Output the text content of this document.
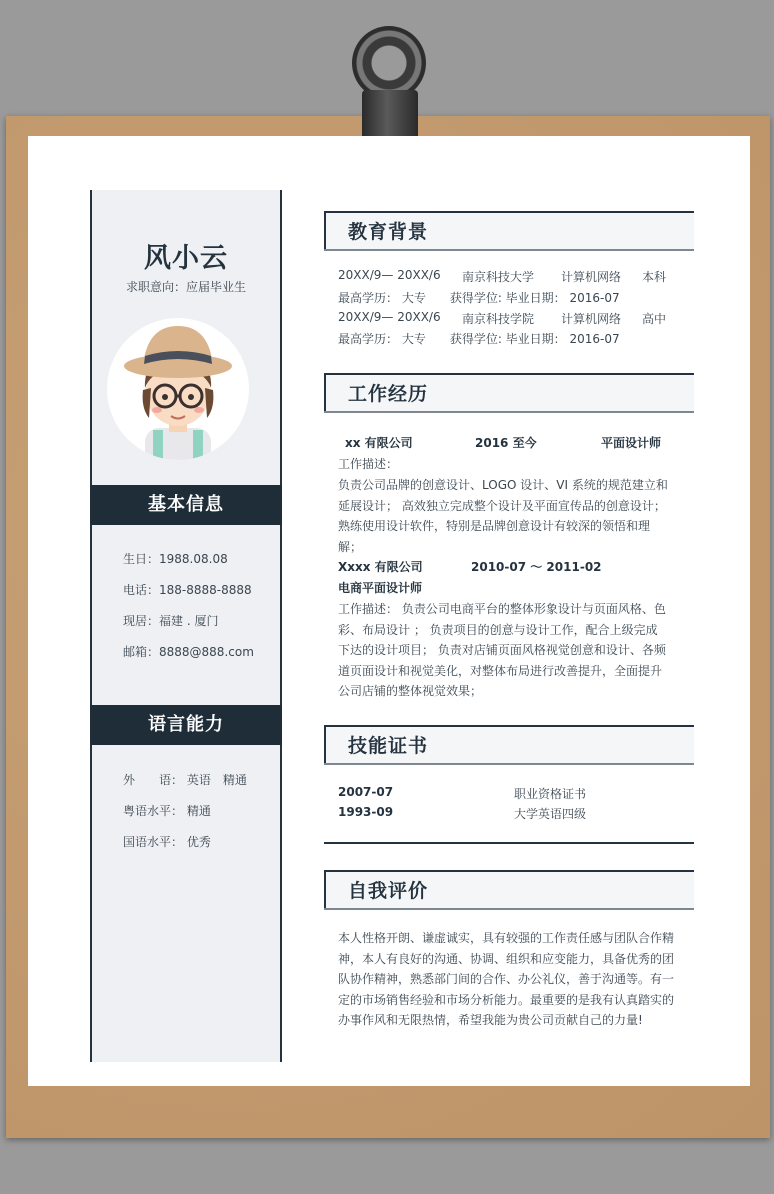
风小云
求职意向：应届毕业生
基本信息
生日：1988.08.08
电话：188-8888-8888
现居：福建 . 厦门
邮箱：8888@888.com
语言能力
外　　语： 英语　精通
粤语水平： 精通
国语水平： 优秀
教育背景
20XX/9— 20XX/6 南京科技大学 计算机网络 本科
最高学历： 大专　　获得学位: 毕业日期： 2016-07
20XX/9— 20XX/6 南京科技学院 计算机网络 高中
最高学历： 大专　　获得学位: 毕业日期： 2016-07
工作经历
xx 有限公司	2016 至今	平面设计师
工作描述：
负责公司品牌的创意设计、LOGO 设计、VI 系统的规范建立和
延展设计； 高效独立完成整个设计及平面宣传品的创意设计；
熟练使用设计软件，特别是品牌创意设计有较深的领悟和理
解；
Xxxx 有限公司	2010-07 ～ 2011-02
电商平面设计师
工作描述： 负责公司电商平台的整体形象设计与页面风格、色
彩、布局设计 ； 负责项目的创意与设计工作，配合上级完成
下达的设计项目； 负责对店铺页面风格视觉创意和设计、各频
道页面设计和视觉美化，对整体布局进行改善提升，全面提升
公司店铺的整体视觉效果；
技能证书
2007-07	职业资格证书
1993-09	大学英语四级
自我评价
本人性格开朗、谦虚诚实，具有较强的工作责任感与团队合作精
神，本人有良好的沟通、协调、组织和应变能力，具备优秀的团
队协作精神，熟悉部门间的合作、办公礼仪，善于沟通等。有一
定的市场销售经验和市场分析能力。最重要的是我有认真踏实的
办事作风和无限热情，希望我能为贵公司贡献自己的力量!
